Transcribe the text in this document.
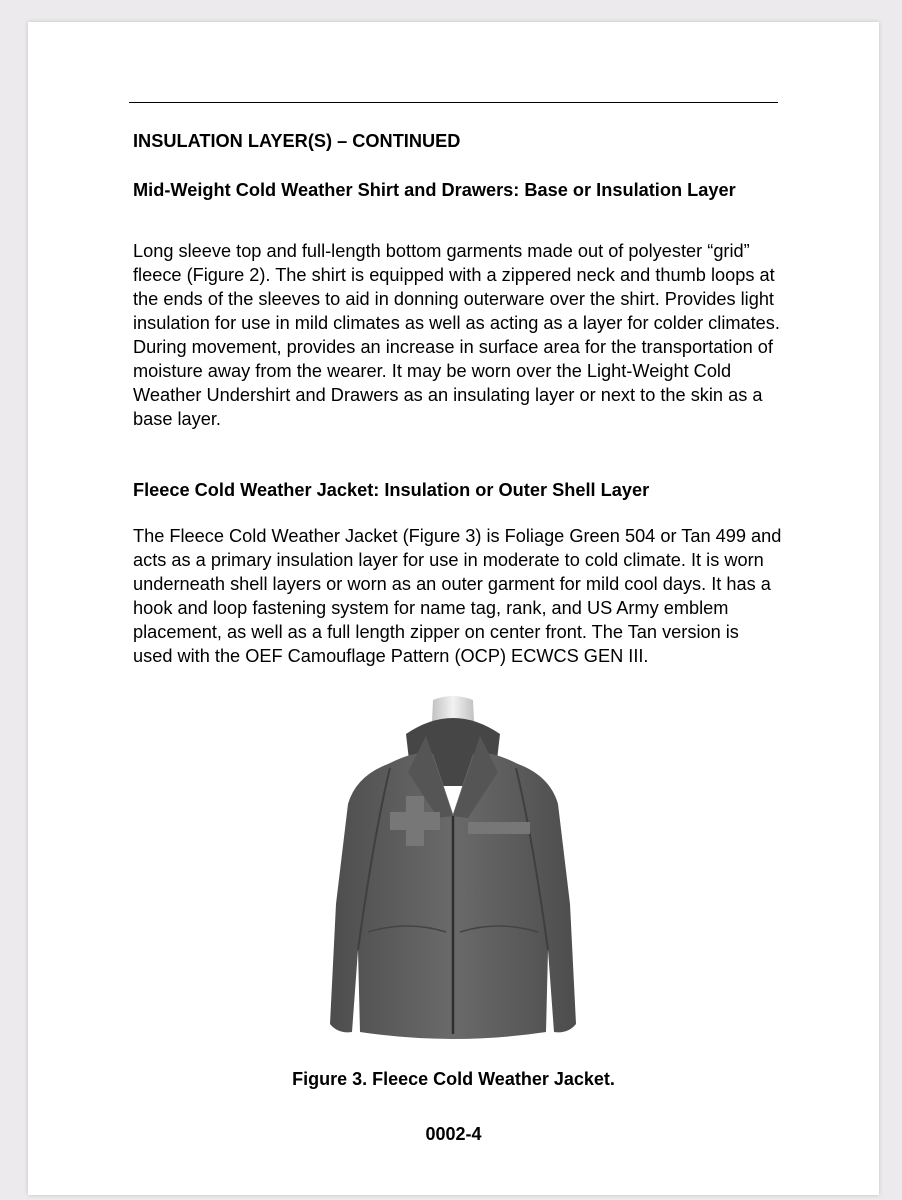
INSULATION LAYER(S) – CONTINUED

Mid-Weight Cold Weather Shirt and Drawers: Base or Insulation Layer

Long sleeve top and full-length bottom garments made out of polyester “grid” fleece (Figure 2). The shirt is equipped with a zippered neck and thumb loops at the ends of the sleeves to aid in donning outerware over the shirt. Provides light insulation for use in mild climates as well as acting as a layer for colder climates. During movement, provides an increase in surface area for the transportation of moisture away from the wearer. It may be worn over the Light-Weight Cold Weather Undershirt and Drawers as an insulating layer or next to the skin as a base layer.

Fleece Cold Weather Jacket: Insulation or Outer Shell Layer

The Fleece Cold Weather Jacket (Figure 3) is Foliage Green 504 or Tan 499 and acts as a primary insulation layer for use in moderate to cold climate. It is worn underneath shell layers or worn as an outer garment for mild cool days. It has a hook and loop fastening system for name tag, rank, and US Army emblem placement, as well as a full length zipper on center front. The Tan version is used with the OEF Camouflage Pattern (OCP) ECWCS GEN III.

Figure 3. Fleece Cold Weather Jacket.
0002-4
